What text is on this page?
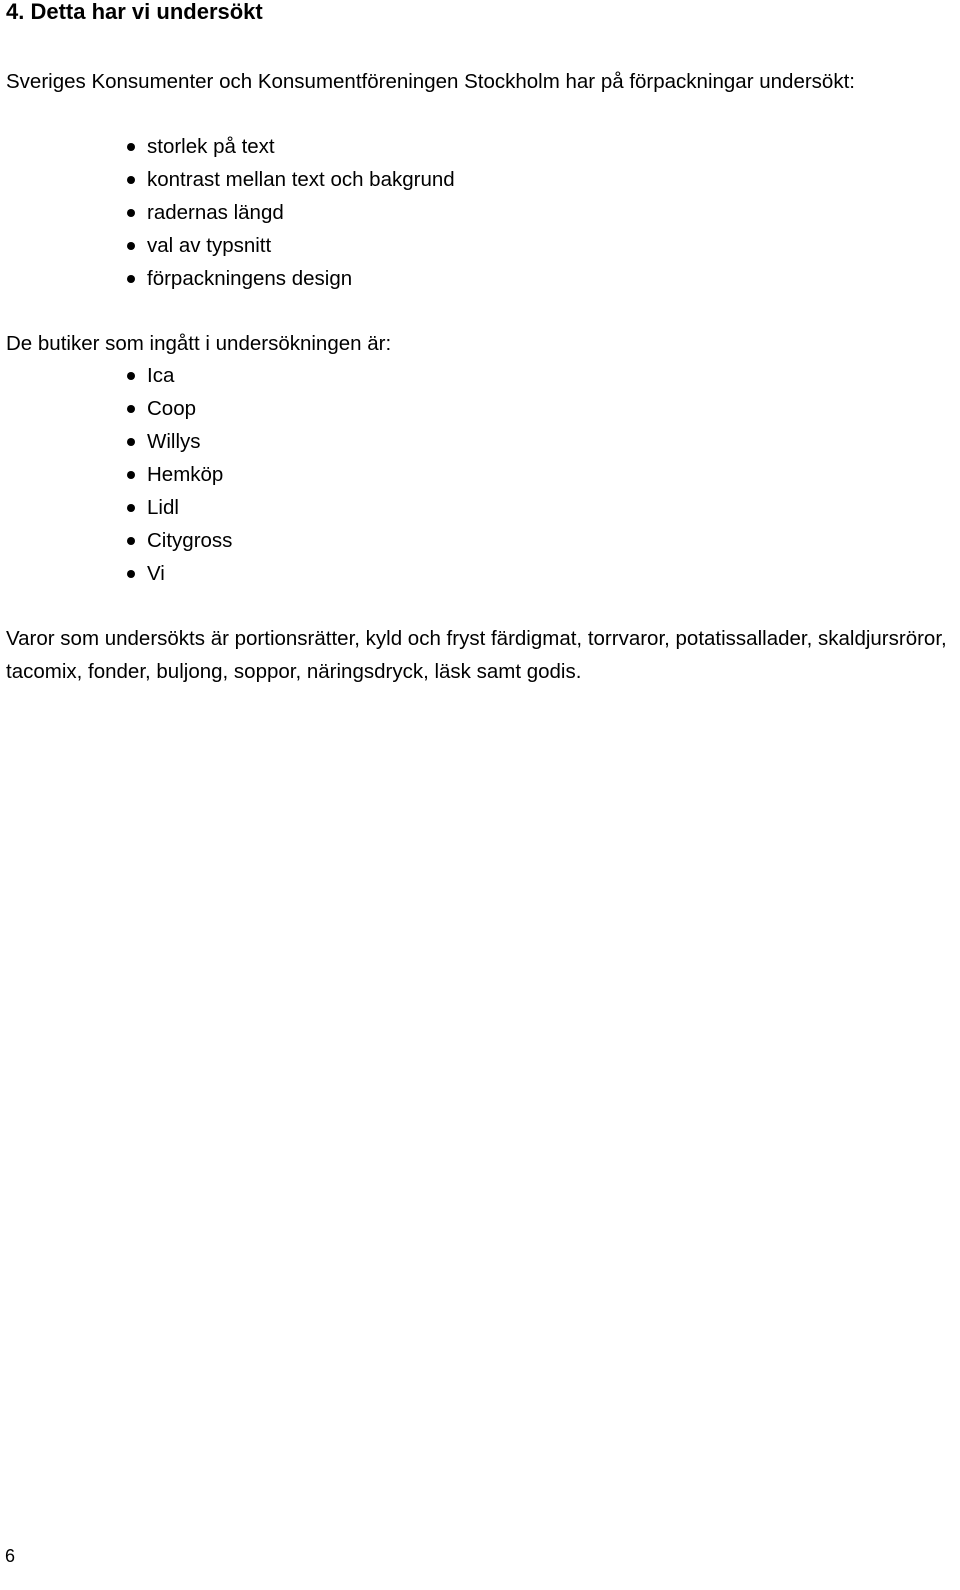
4. Detta har vi undersökt

Sveriges Konsumenter och Konsumentföreningen Stockholm har på förpackningar undersökt:

storlek på text
kontrast mellan text och bakgrund
radernas längd
val av typsnitt
förpackningens design

De butiker som ingått i undersökningen är:

Ica
Coop
Willys
Hemköp
Lidl
Citygross
Vi

Varor som undersökts är portionsrätter, kyld och fryst färdigmat, torrvaror, potatissallader, skaldjursröror, tacomix, fonder, buljong, soppor, näringsdryck, läsk samt godis.

6
